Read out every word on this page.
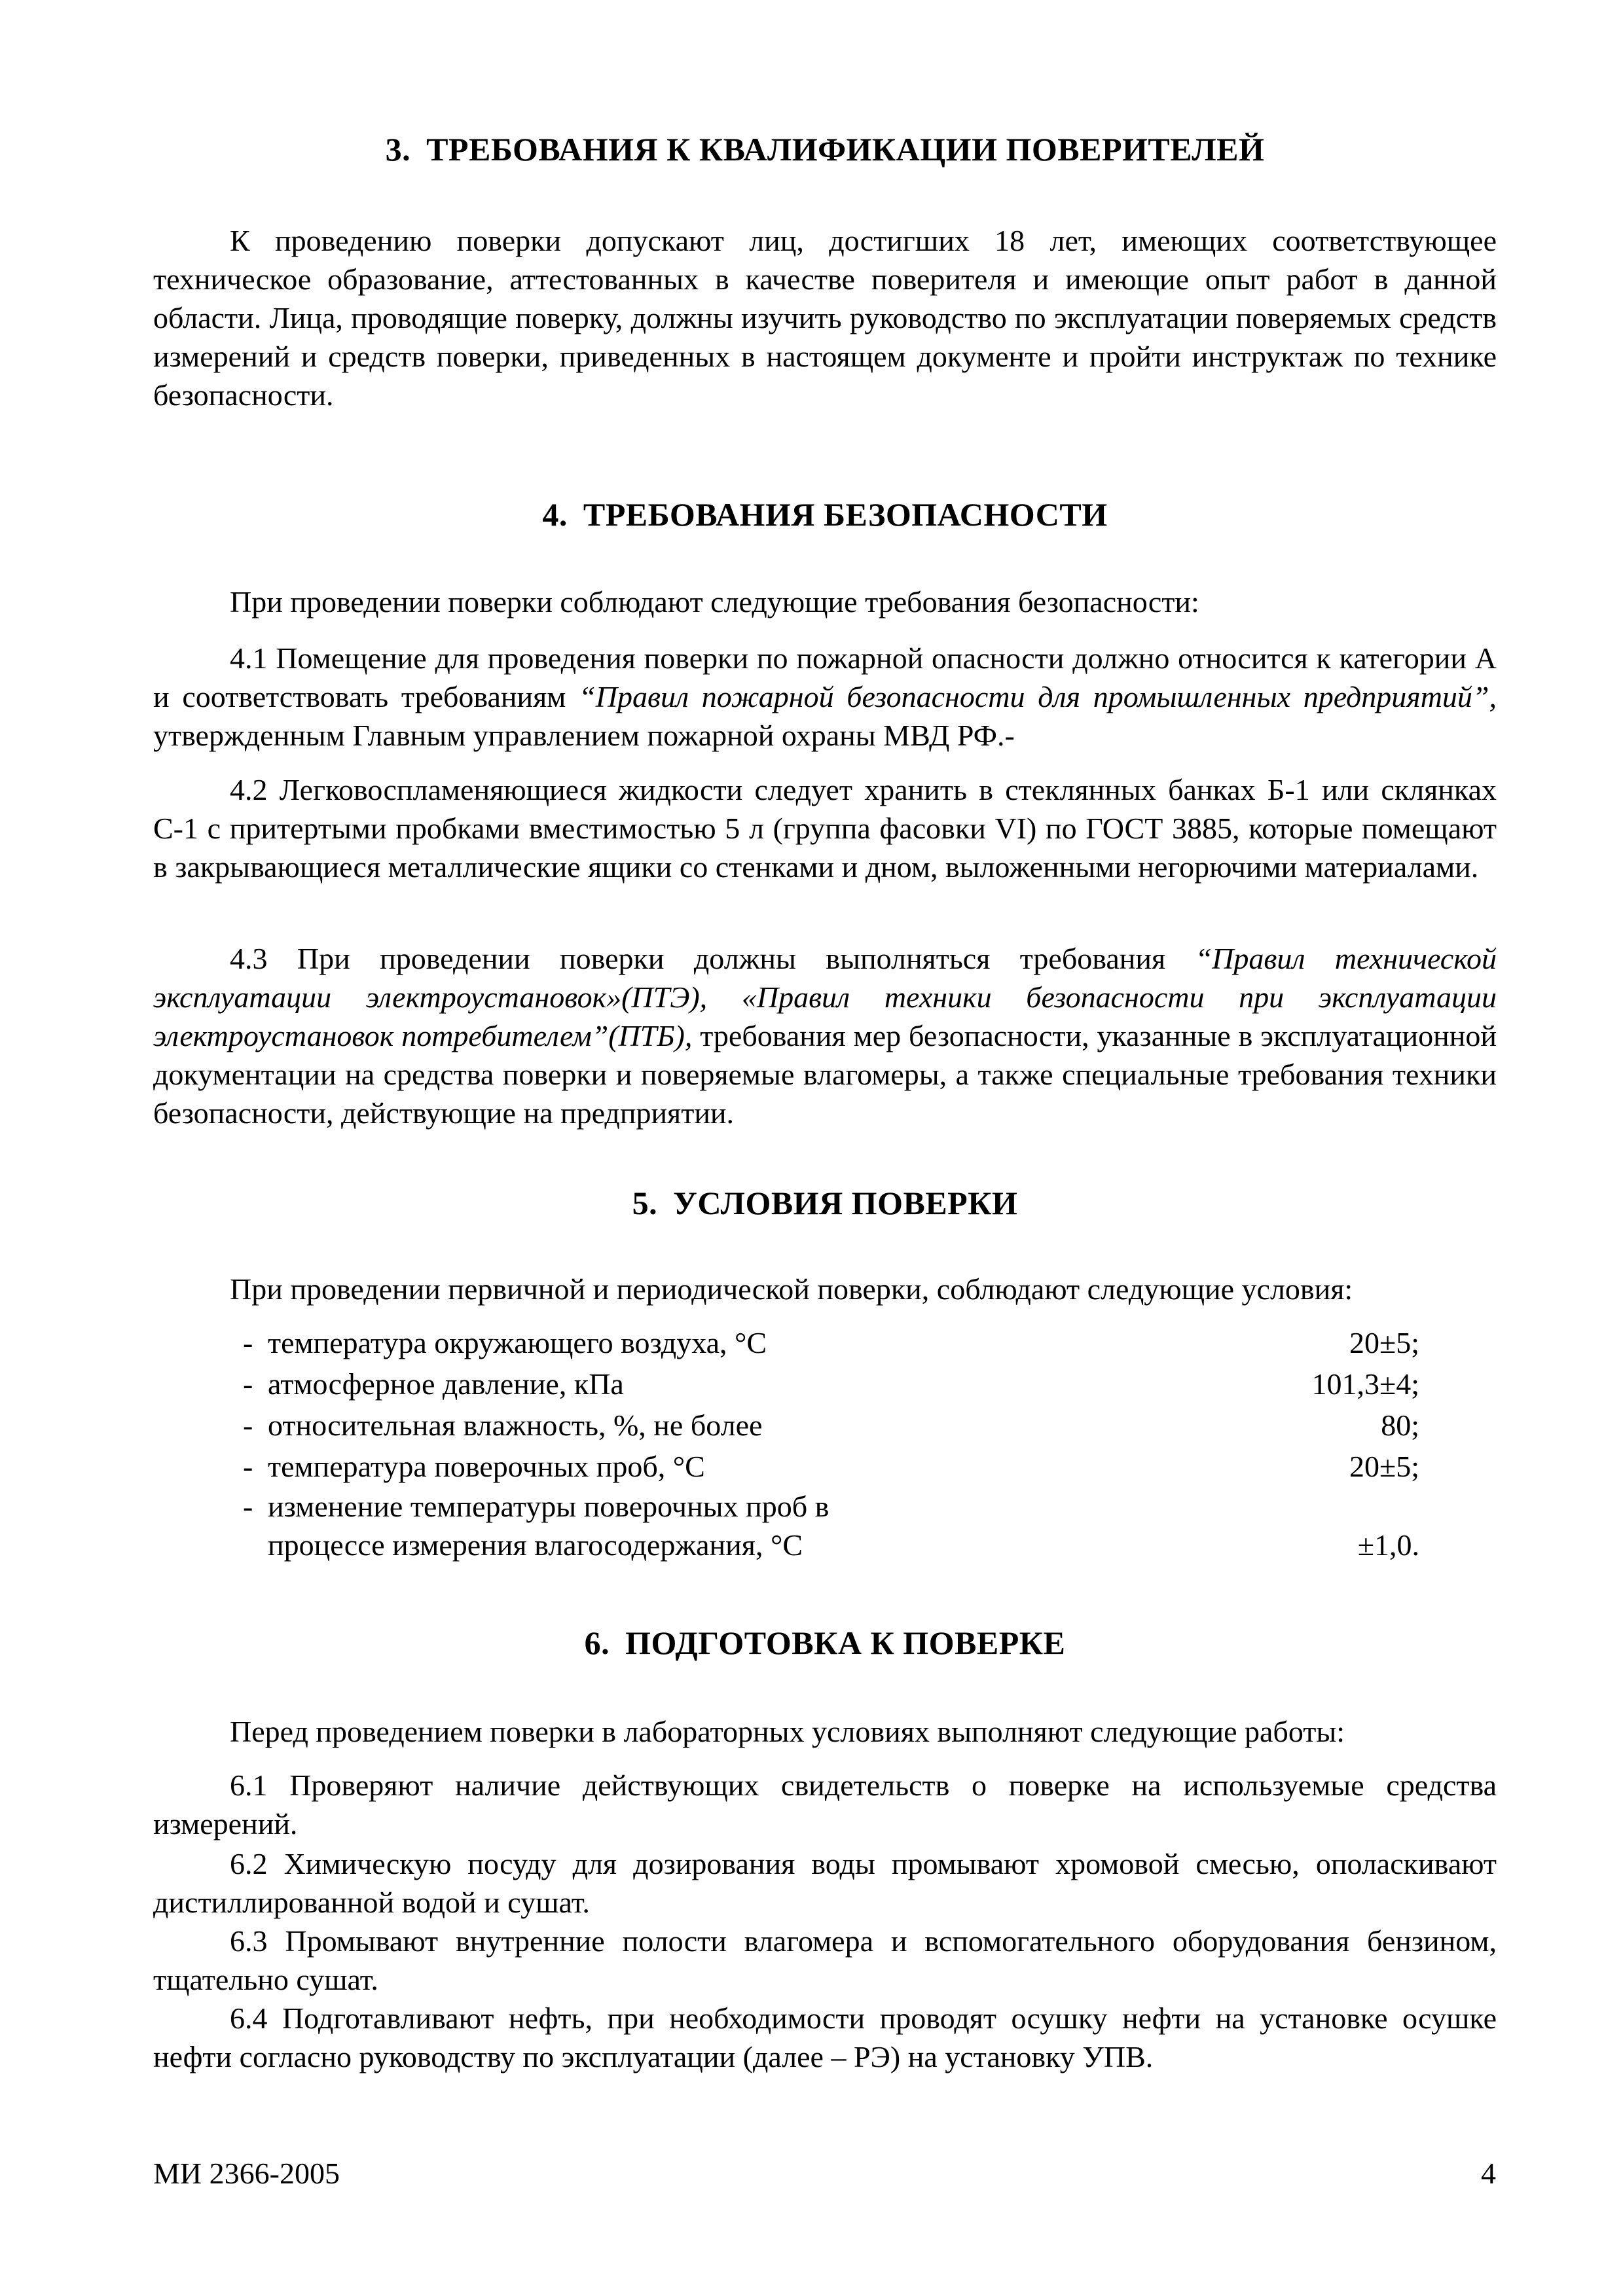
3. ТРЕБОВАНИЯ К КВАЛИФИКАЦИИ ПОВЕРИТЕЛЕЙ

К проведению поверки допускают лиц, достигших 18 лет, имеющих соответствующее техническое образование, аттестованных в качестве поверителя и имеющие опыт работ в данной области. Лица, проводящие поверку, должны изучить руководство по эксплуатации поверяемых средств измерений и средств поверки, приведенных в настоящем документе и пройти инструктаж по технике безопасности.

4. ТРЕБОВАНИЯ БЕЗОПАСНОСТИ

При проведении поверки соблюдают следующие требования безопасности:

4.1 Помещение для проведения поверки по пожарной опасности должно относится к категории А и соответствовать требованиям “Правил пожарной безопасности для промышленных предприятий”, утвержденным Главным управлением пожарной охраны МВД РФ.-

4.2 Легковоспламеняющиеся жидкости следует хранить в стеклянных банках Б-1 или склянках С-1 с притертыми пробками вместимостью 5 л (группа фасовки VI) по ГОСТ 3885, которые помещают в закрывающиеся металлические ящики со стенками и дном, выложенными негорючими материалами.

4.3 При проведении поверки должны выполняться требования “Правил технической эксплуатации электроустановок»(ПТЭ), «Правил техники безопасности при эксплуатации электроустановок потребителем”(ПТБ), требования мер безопасности, указанные в эксплуатационной документации на средства поверки и поверяемые влагомеры, а также специальные требования техники безопасности, действующие на предприятии.

5. УСЛОВИЯ ПОВЕРКИ

При проведении первичной и периодической поверки, соблюдают следующие условия:

- температура окружающего воздуха, °С	20±5;
- атмосферное давление, кПа	101,3±4;
- относительная влажность, %, не более	80;
- температура поверочных проб, °С	20±5;
- изменение температуры поверочных проб в процессе измерения влагосодержания, °С	±1,0.
6. ПОДГОТОВКА К ПОВЕРКЕ

Перед проведением поверки в лабораторных условиях выполняют следующие работы:

6.1 Проверяют наличие действующих свидетельств о поверке на используемые средства измерений.

6.2 Химическую посуду для дозирования воды промывают хромовой смесью, ополаскивают дистиллированной водой и сушат.

6.3 Промывают внутренние полости влагомера и вспомогательного оборудования бензином, тщательно сушат.

6.4 Подготавливают нефть, при необходимости проводят осушку нефти на установке осушке нефти согласно руководству по эксплуатации (далее – РЭ) на установку УПВ.

МИ 2366-2005	4
